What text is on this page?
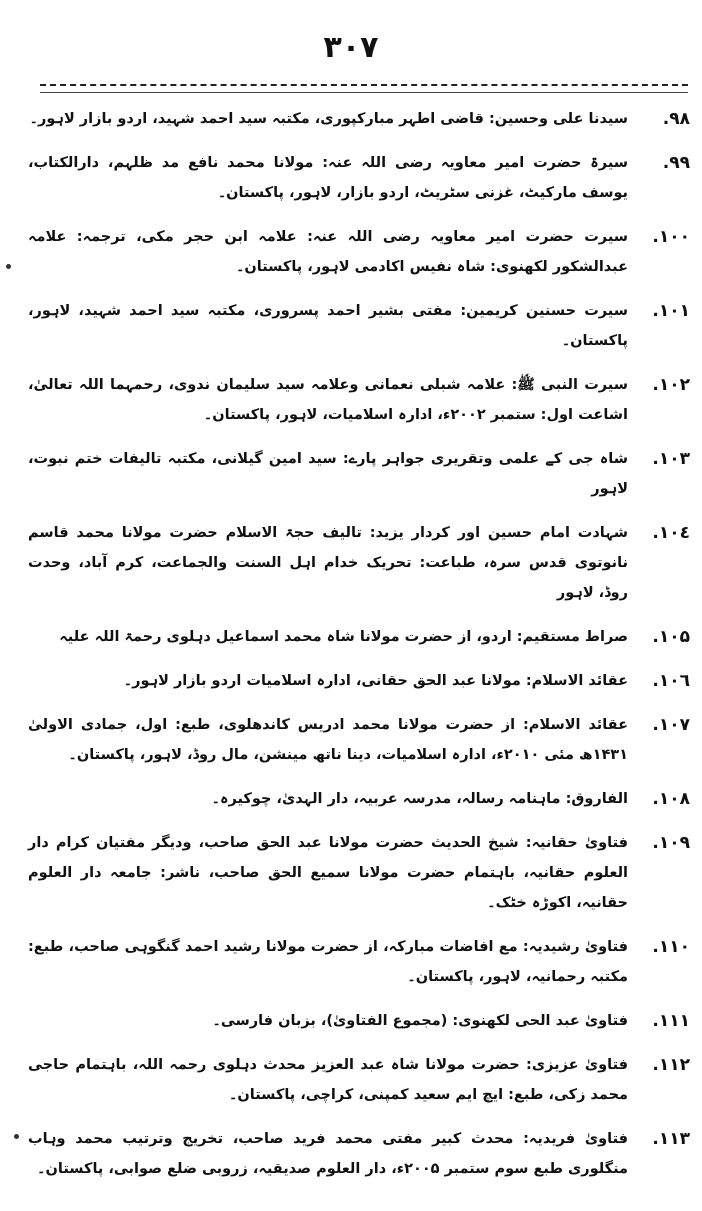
۳۰۷
۹۸.
سیدنا علی وحسین: قاضی اطہر مبارکپوری، مکتبہ سید احمد شہید، اردو بازار لاہور۔
۹۹.
سیرۃ حضرت امیر معاویہ رضی اللہ عنہ: مولانا محمد نافع مد ظلہم، دارالکتاب، یوسف مارکیٹ، غزنی سٹریٹ، اردو بازار، لاہور، پاکستان۔
۱۰۰.
سیرت حضرت امیر معاویہ رضی اللہ عنہ: علامہ ابن حجر مکی، ترجمہ: علامہ عبدالشکور لکھنوی: شاہ نفیس اکادمی لاہور، پاکستان۔
۱۰۱.
سیرت حسنین کریمین: مفتی بشیر احمد پسروری، مکتبہ سید احمد شہید، لاہور، پاکستان۔
۱۰۲.
سیرت النبی ﷺ: علامہ شبلی نعمانی وعلامہ سید سلیمان ندوی، رحمہما اللہ تعالیٰ، اشاعت اول: ستمبر ۲۰۰۲ء، ادارہ اسلامیات، لاہور، پاکستان۔
۱۰۳.
شاہ جی کے علمی وتقریری جواہر پارے: سید امین گیلانی، مکتبہ تالیفات ختم نبوت، لاہور
۱۰٤.
شہادت امام حسین اور کردار یزید: تالیف حجۃ الاسلام حضرت مولانا محمد قاسم نانوتوی قدس سرہ، طباعت: تحریک خدام اہل السنت والجماعت، کرم آباد، وحدت روڈ، لاہور
۱۰۵.
صراط مستقیم: اردو، از حضرت مولانا شاہ محمد اسماعیل دہلوی رحمۃ اللہ علیہ
۱۰٦.
عقائد الاسلام: مولانا عبد الحق حقانی، ادارہ اسلامیات اردو بازار لاہور۔
۱۰۷.
عقائد الاسلام: از حضرت مولانا محمد ادریس کاندھلوی، طبع: اول، جمادی الاولیٰ ۱۴۳۱ھ مئی ۲۰۱۰ء، ادارہ اسلامیات، دینا ناتھ مینشن، مال روڈ، لاہور، پاکستان۔
۱۰۸.
الفاروق: ماہنامہ رسالہ، مدرسہ عربیہ، دار الہدیٰ، چوکیرہ۔
۱۰۹.
فتاویٰ حقانیہ: شیخ الحدیث حضرت مولانا عبد الحق صاحب، ودیگر مفتیان کرام دار العلوم حقانیہ، باہتمام حضرت مولانا سمیع الحق صاحب، ناشر: جامعہ دار العلوم حقانیہ، اکوڑہ خٹک۔
۱۱۰.
فتاویٰ رشیدیہ: مع افاضات مبارکہ، از حضرت مولانا رشید احمد گنگوہی صاحب، طبع: مکتبہ رحمانیہ، لاہور، پاکستان۔
۱۱۱.
فتاویٰ عبد الحی لکھنوی: (مجموع الفتاویٰ)، بزبان فارسی۔
۱۱۲.
فتاویٰ عزیزی: حضرت مولانا شاہ عبد العزیز محدث دہلوی رحمہ اللہ، باہتمام حاجی محمد زکی، طبع: ایچ ایم سعید کمپنی، کراچی، پاکستان۔
۱۱۳.
فتاویٰ فریدیہ: محدث کبیر مفتی محمد فرید صاحب، تخریج وترتیب محمد وہاب منگلوری طبع سوم ستمبر ۲۰۰۵ء، دار العلوم صدیقیہ، زروبی ضلع صوابی، پاکستان۔
